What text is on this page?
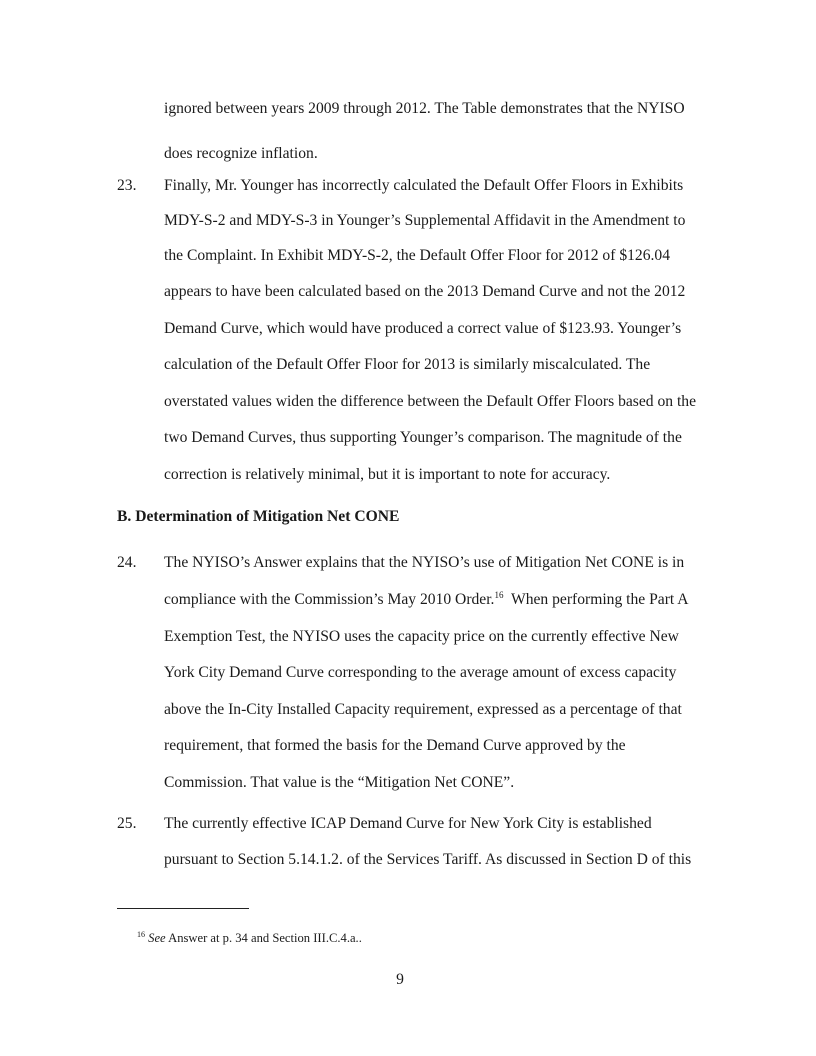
ignored between years 2009 through 2012. The Table demonstrates that the NYISO
does recognize inflation.
23. Finally, Mr. Younger has incorrectly calculated the Default Offer Floors in Exhibits
MDY-S-2 and MDY-S-3 in Younger’s Supplemental Affidavit in the Amendment to
the Complaint. In Exhibit MDY-S-2, the Default Offer Floor for 2012 of $126.04
appears to have been calculated based on the 2013 Demand Curve and not the 2012
Demand Curve, which would have produced a correct value of $123.93. Younger’s
calculation of the Default Offer Floor for 2013 is similarly miscalculated. The
overstated values widen the difference between the Default Offer Floors based on the
two Demand Curves, thus supporting Younger’s comparison. The magnitude of the
correction is relatively minimal, but it is important to note for accuracy.
B. Determination of Mitigation Net CONE
24. The NYISO’s Answer explains that the NYISO’s use of Mitigation Net CONE is in
compliance with the Commission’s May 2010 Order.$^{16}$  When performing the Part A
Exemption Test, the NYISO uses the capacity price on the currently effective New
York City Demand Curve corresponding to the average amount of excess capacity
above the In-City Installed Capacity requirement, expressed as a percentage of that
requirement, that formed the basis for the Demand Curve approved by the
Commission. That value is the “Mitigation Net CONE”.
25. The currently effective ICAP Demand Curve for New York City is established
pursuant to Section 5.14.1.2. of the Services Tariff. As discussed in Section D of this
$^{16}$ See Answer at p. 34 and Section III.C.4.a..
9
